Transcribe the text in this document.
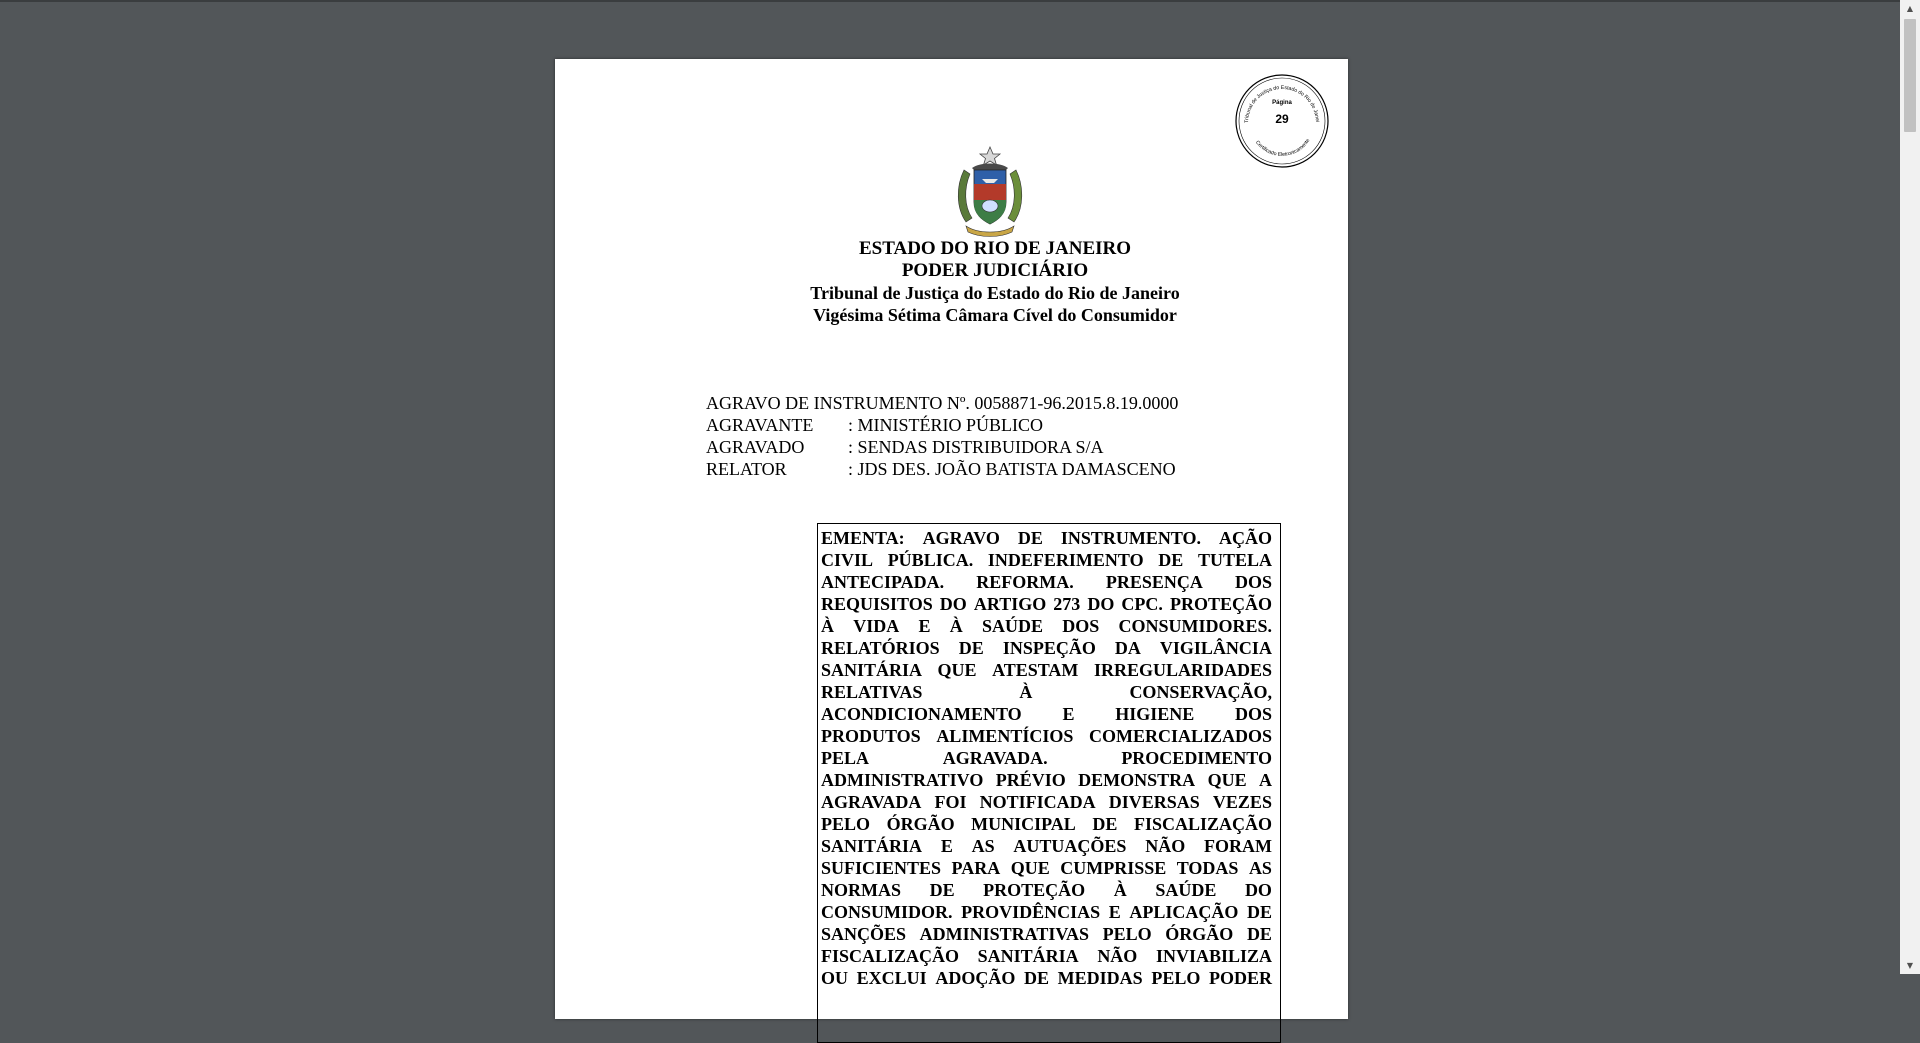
Tribunal de Justiça do Estado do Rio de Janei
Certificado Eletronicamente
Página
29
ESTADO DO RIO DE JANEIRO
PODER JUDICIÁRIO
Tribunal de Justiça do Estado do Rio de Janeiro
Vigésima Sétima Câmara Cível do Consumidor
AGRAVO DE INSTRUMENTO Nº. 0058871-96.2015.8.19.0000
AGRAVANTE : MINISTÉRIO PÚBLICO
AGRAVADO : SENDAS DISTRIBUIDORA S/A
RELATOR	: JDS DES. JOÃO BATISTA DAMASCENO
EMENTA: AGRAVO DE INSTRUMENTO. AÇÃO
CIVIL PÚBLICA. INDEFERIMENTO DE TUTELA
ANTECIPADA. REFORMA. PRESENÇA DOS
REQUISITOS DO ARTIGO 273 DO CPC. PROTEÇÃO
À VIDA E À SAÚDE DOS CONSUMIDORES.
RELATÓRIOS DE INSPEÇÃO DA VIGILÂNCIA
SANITÁRIA QUE ATESTAM IRREGULARIDADES
RELATIVAS	À	CONSERVAÇÃO,
ACONDICIONAMENTO E HIGIENE DOS
PRODUTOS ALIMENTÍCIOS COMERCIALIZADOS
PELA	AGRAVADA.	PROCEDIMENTO
ADMINISTRATIVO PRÉVIO DEMONSTRA QUE A
AGRAVADA FOI NOTIFICADA DIVERSAS VEZES
PELO ÓRGÃO MUNICIPAL DE FISCALIZAÇÃO
SANITÁRIA E AS AUTUAÇÕES NÃO FORAM
SUFICIENTES PARA QUE CUMPRISSE TODAS AS
NORMAS DE PROTEÇÃO À SAÚDE DO
CONSUMIDOR. PROVIDÊNCIAS E APLICAÇÃO DE
SANÇÕES ADMINISTRATIVAS PELO ÓRGÃO DE
FISCALIZAÇÃO SANITÁRIA NÃO INVIABILIZA
OU EXCLUI ADOÇÃO DE MEDIDAS PELO PODER
▲
▼
